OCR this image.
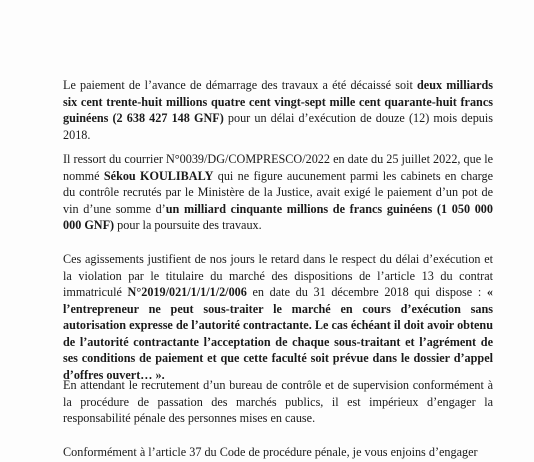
Le paiement de l’avance de démarrage des travaux a été décaissé soit deux milliards six cent trente-huit millions quatre cent vingt-sept mille cent quarante-huit francs guinéens (2 638 427 148 GNF) pour un délai d’exécution de douze (12) mois depuis 2018.

Il ressort du courrier N°0039/DG/COMPRESCO/2022 en date du 25 juillet 2022, que le nommé Sékou KOULIBALY qui ne figure aucunement parmi les cabinets en charge du contrôle recrutés par le Ministère de la Justice, avait exigé le paiement d’un pot de vin d’une somme d’un milliard cinquante millions de francs guinéens (1 050 000 000 GNF) pour la poursuite des travaux.

Ces agissements justifient de nos jours le retard dans le respect du délai d’exécution et la violation par le titulaire du marché des dispositions de l’article 13 du contrat immatriculé N°2019/021/1/1/1/2/006 en date du 31 décembre 2018 qui dispose : « l’entrepreneur ne peut sous-traiter le marché en cours d’exécution sans autorisation expresse de l’autorité contractante. Le cas échéant il doit avoir obtenu de l’autorité contractante l’acceptation de chaque sous-traitant et l’agrément de ses conditions de paiement et que cette faculté soit prévue dans le dossier d’appel d’offres ouvert… ».

En attendant le recrutement d’un bureau de contrôle et de supervision conformément à la procédure de passation des marchés publics, il est impérieux d’engager la responsabilité pénale des personnes mises en cause.

Conformément à l’article 37 du Code de procédure pénale, je vous enjoins d’engager
